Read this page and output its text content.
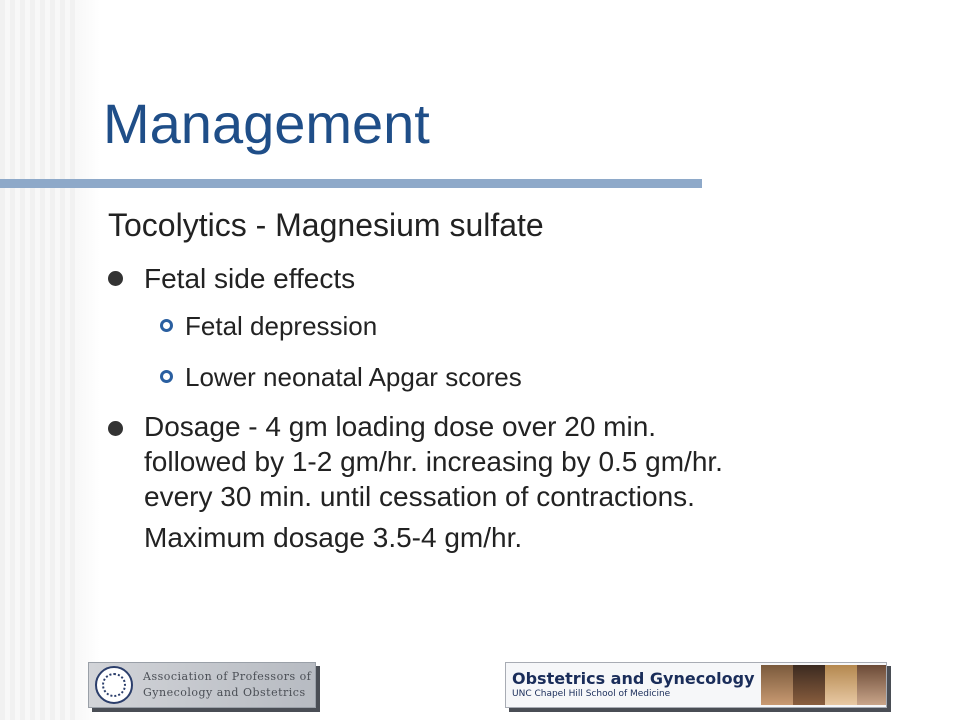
Management
Tocolytics - Magnesium sulfate
Fetal side effects
Fetal depression
Lower neonatal Apgar scores
Dosage - 4 gm loading dose over 20 min.
followed by 1-2 gm/hr. increasing by 0.5 gm/hr.
every 30 min. until cessation of contractions.
Maximum dosage 3.5-4 gm/hr.
Association of Professors of
Gynecology and Obstetrics
Obstetrics and Gynecology
UNC Chapel Hill School of Medicine
